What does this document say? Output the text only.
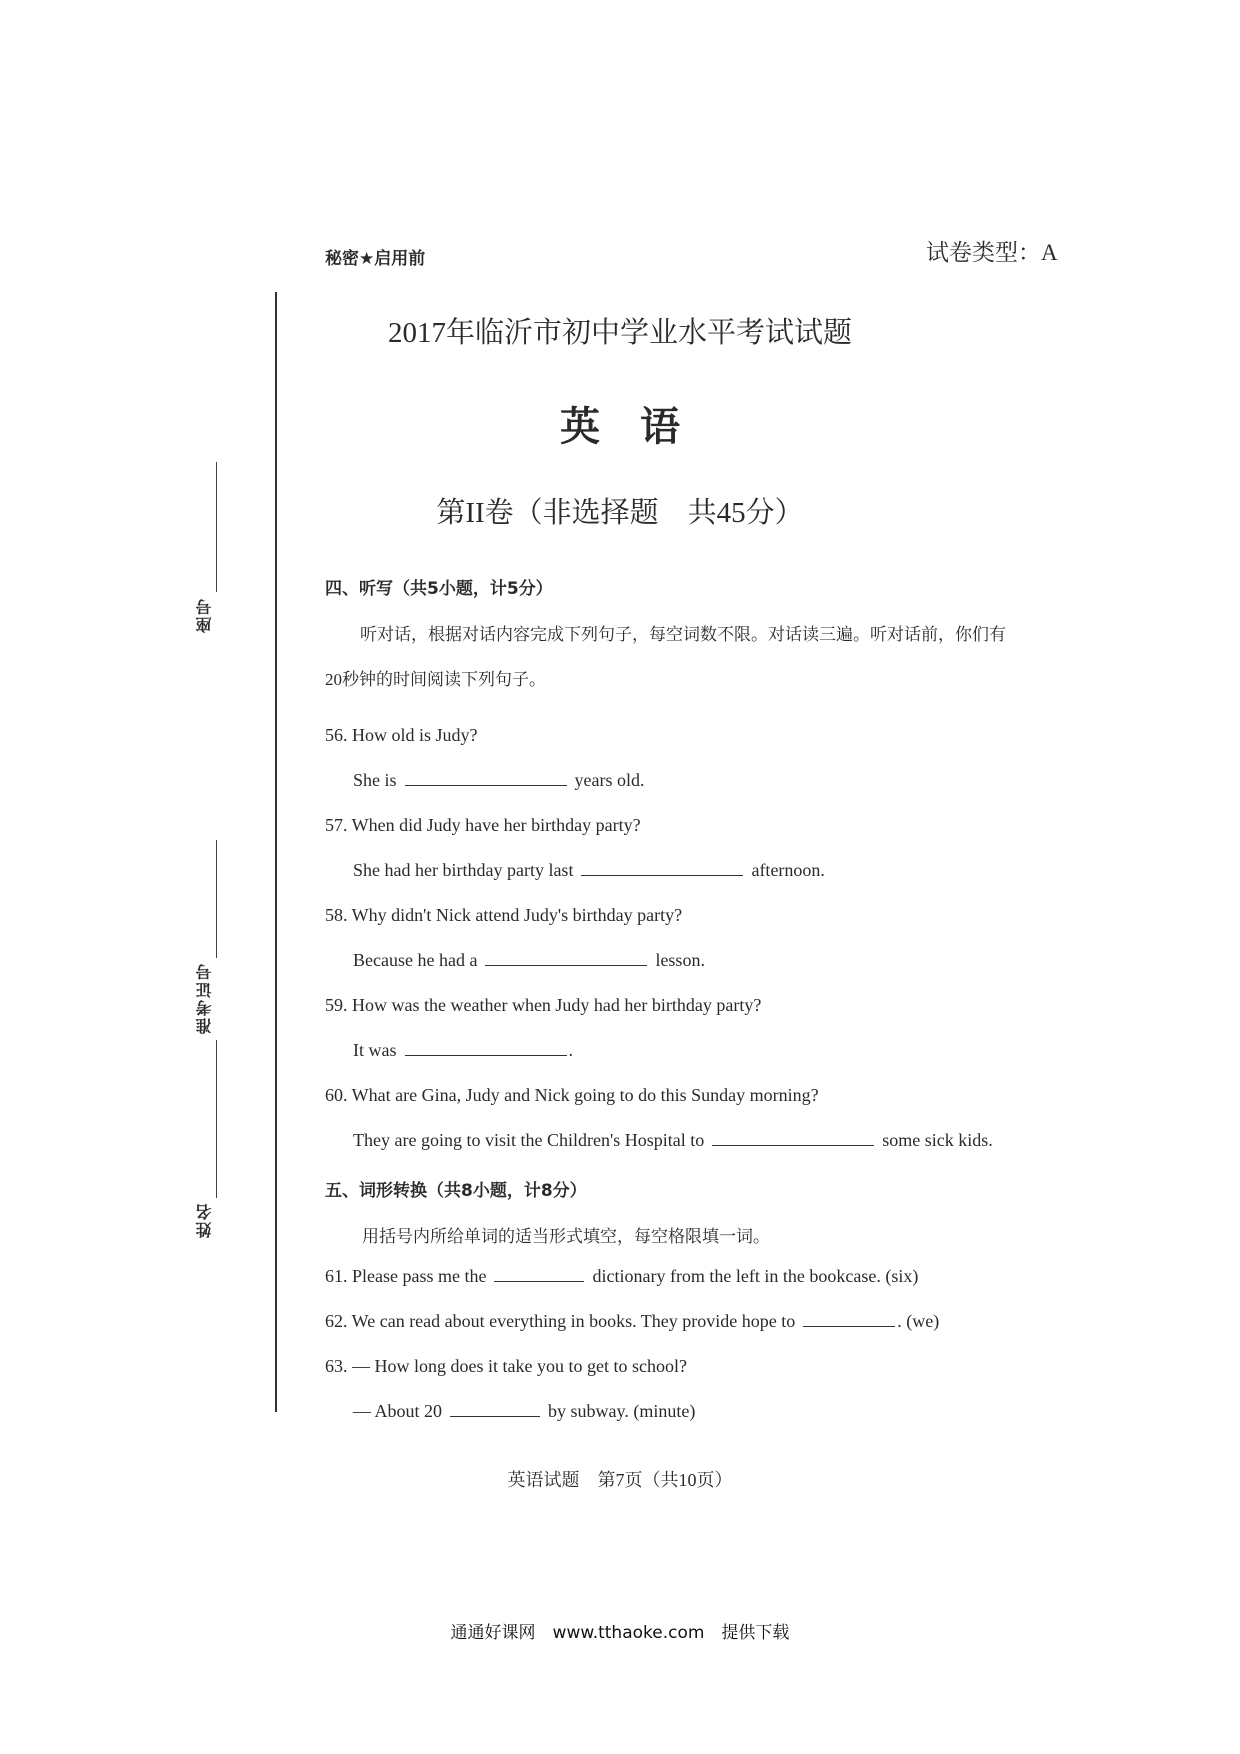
秘密★启用前	试卷类型：A
座号
准考证号
姓名
2017年临沂市初中学业水平考试试题
英语
第II卷（非选择题　共45分）
四、听写（共5小题，计5分）
听对话，根据对话内容完成下列句子，每空词数不限。对话读三遍。听对话前，你们有
20秒钟的时间阅读下列句子。
56. How old is Judy?
She is	years old.
57. When did Judy have her birthday party?
She had her birthday party last	afternoon.
58. Why didn't Nick attend Judy's birthday party?
Because he had a	lesson.
59. How was the weather when Judy had her birthday party?
It was	.
60. What are Gina, Judy and Nick going to do this Sunday morning?
They are going to visit the Children's Hospital to	some sick kids.
五、词形转换（共8小题，计8分）
用括号内所给单词的适当形式填空，每空格限填一词。
61. Please pass me the	dictionary from the left in the bookcase. (six)
62. We can read about everything in books. They provide hope to	. (we)
63. — How long does it take you to get to school?
— About 20	by subway. (minute)
英语试题　第7页（共10页）
通通好课网　www.tthaoke.com　提供下载
